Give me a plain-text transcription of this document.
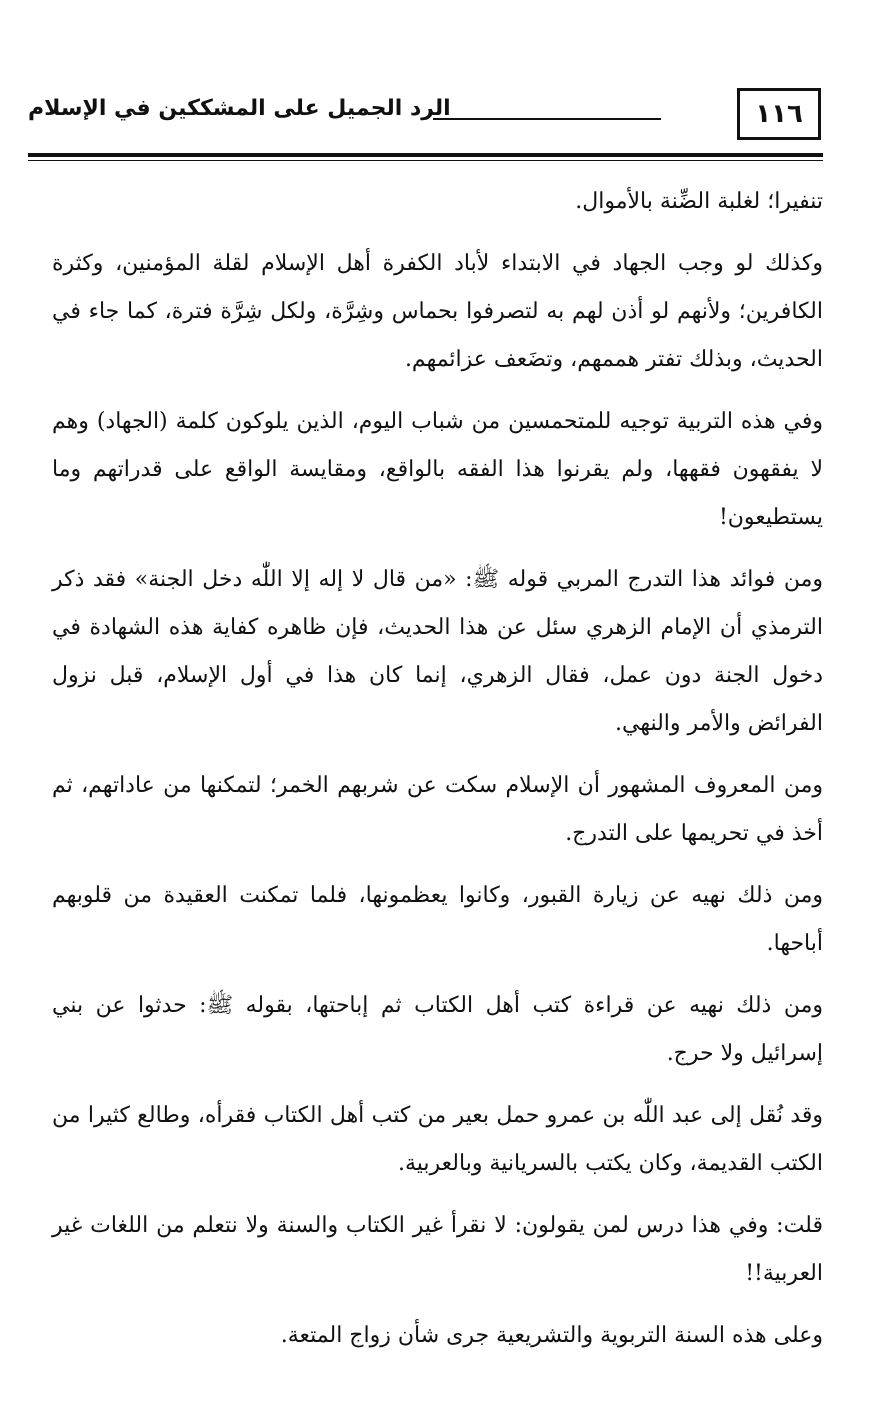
١١٦
الرد الجميل على المشككين في الإسلام

تنفيرا؛ لغلبة الضِّنة بالأموال.

وكذلك لو وجب الجهاد في الابتداء لأباد الكفرة أهل الإسلام لقلة المؤمنين، وكثرة الكافرين؛ ولأنهم لو أذن لهم به لتصرفوا بحماس وشِرَّة، ولكل شِرَّة فترة، كما جاء في الحديث، وبذلك تفتر هممهم، وتضَعف عزائمهم.

وفي هذه التربية توجيه للمتحمسين من شباب اليوم، الذين يلوكون كلمة (الجهاد) وهم لا يفقهون فقهها، ولم يقرنوا هذا الفقه بالواقع، ومقايسة الواقع على قدراتهم وما يستطيعون!

ومن فوائد هذا التدرج المربي قوله ﷺ: «من قال لا إله إلا اللّٰه دخل الجنة» فقد ذكر الترمذي أن الإمام الزهري سئل عن هذا الحديث، فإن ظاهره كفاية هذه الشهادة في دخول الجنة دون عمل، فقال الزهري، إنما كان هذا في أول الإسلام، قبل نزول الفرائض والأمر والنهي.

ومن المعروف المشهور أن الإسلام سكت عن شربهم الخمر؛ لتمكنها من عاداتهم، ثم أخذ في تحريمها على التدرج.

ومن ذلك نهيه عن زيارة القبور، وكانوا يعظمونها، فلما تمكنت العقيدة من قلوبهم أباحها.

ومن ذلك نهيه عن قراءة كتب أهل الكتاب ثم إباحتها، بقوله ﷺ: حدثوا عن بني إسرائيل ولا حرج.

وقد نُقل إلى عبد اللّٰه بن عمرو حمل بعير من كتب أهل الكتاب فقرأه، وطالع كثيرا من الكتب القديمة، وكان يكتب بالسريانية وبالعربية.

قلت: وفي هذا درس لمن يقولون: لا نقرأ غير الكتاب والسنة ولا نتعلم من اللغات غير العربية!!

وعلى هذه السنة التربوية والتشريعية جرى شأن زواج المتعة.
